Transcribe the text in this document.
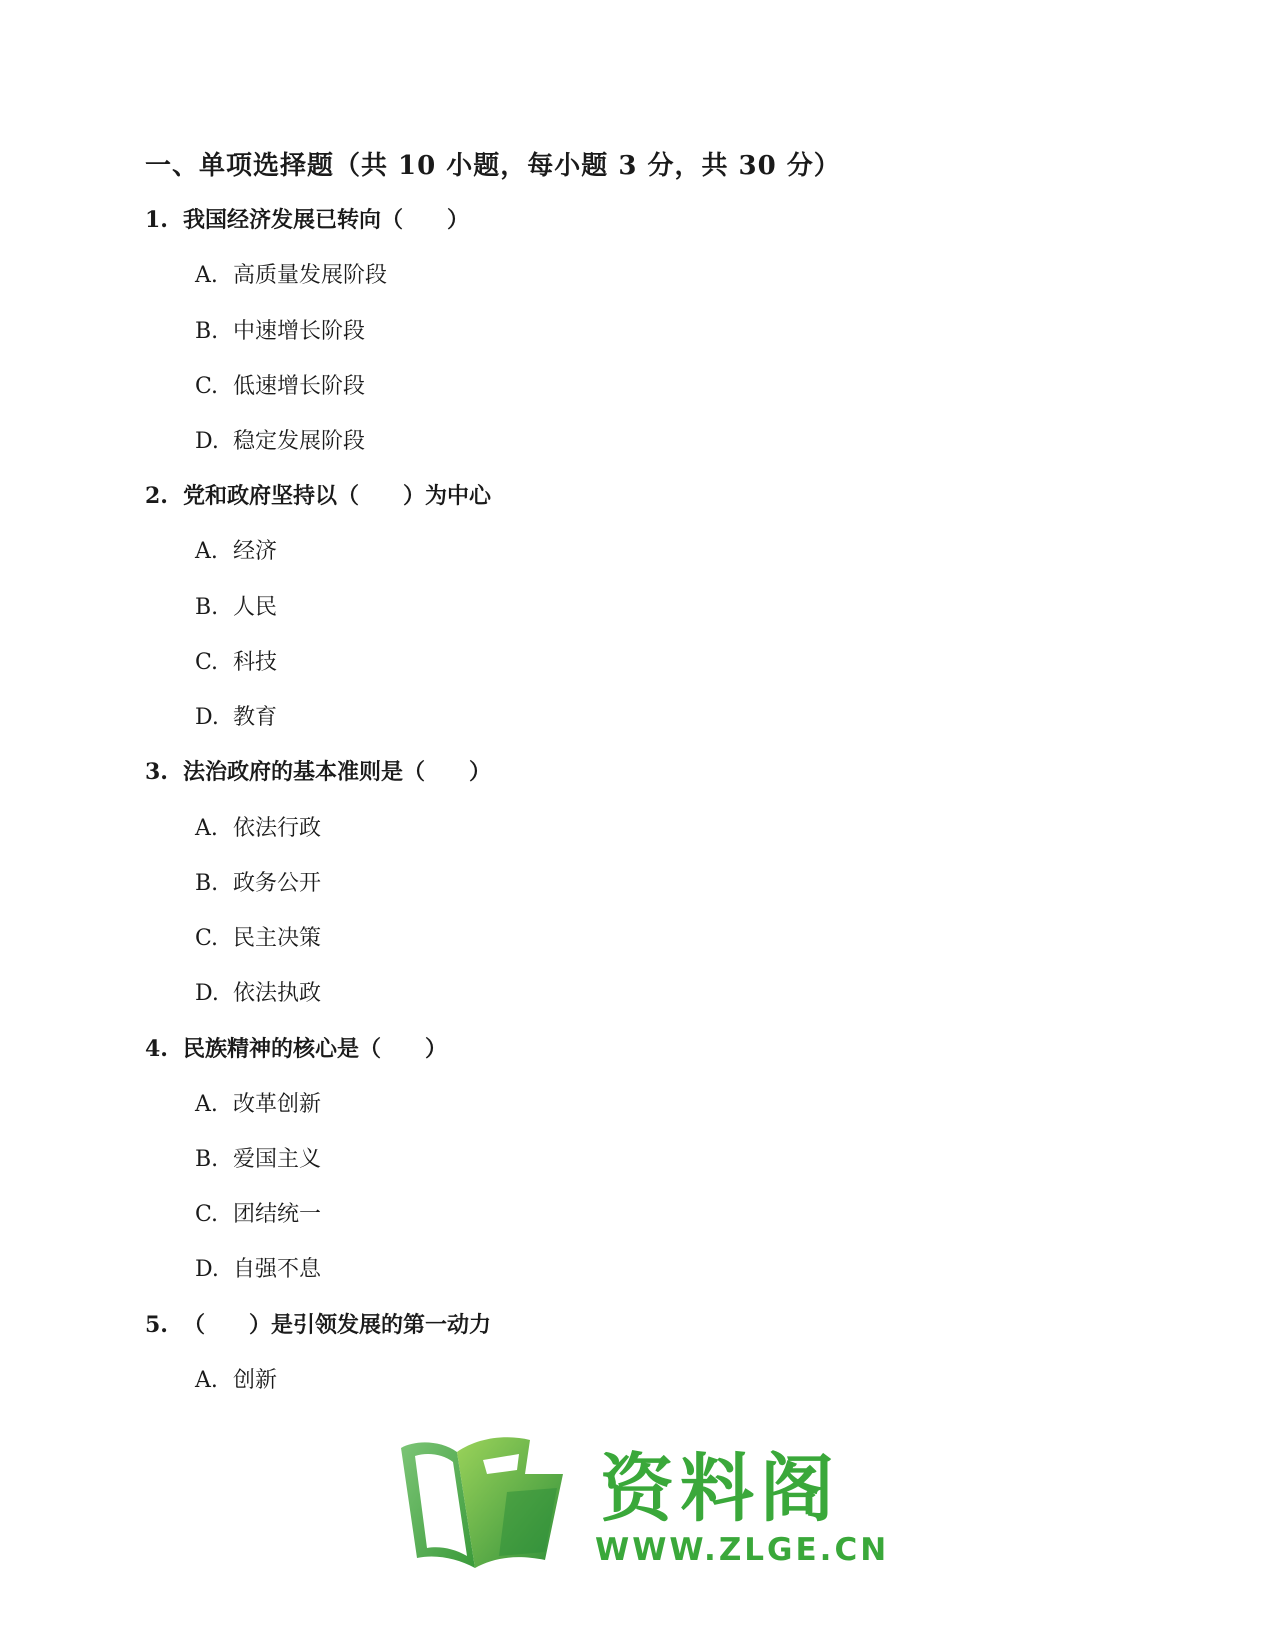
一、单项选择题（共 10 小题，每小题 3 分，共 30 分）
1. 我国经济发展已转向（　　）
A. 高质量发展阶段
B. 中速增长阶段
C. 低速增长阶段
D. 稳定发展阶段
2. 党和政府坚持以（　　）为中心
A. 经济
B. 人民
C. 科技
D. 教育
3. 法治政府的基本准则是（　　）
A. 依法行政
B. 政务公开
C. 民主决策
D. 依法执政
4. 民族精神的核心是（　　）
A. 改革创新
B. 爱国主义
C. 团结统一
D. 自强不息
5. （　　）是引领发展的第一动力
A. 创新
资料阁
WWW.ZLGE.CN
